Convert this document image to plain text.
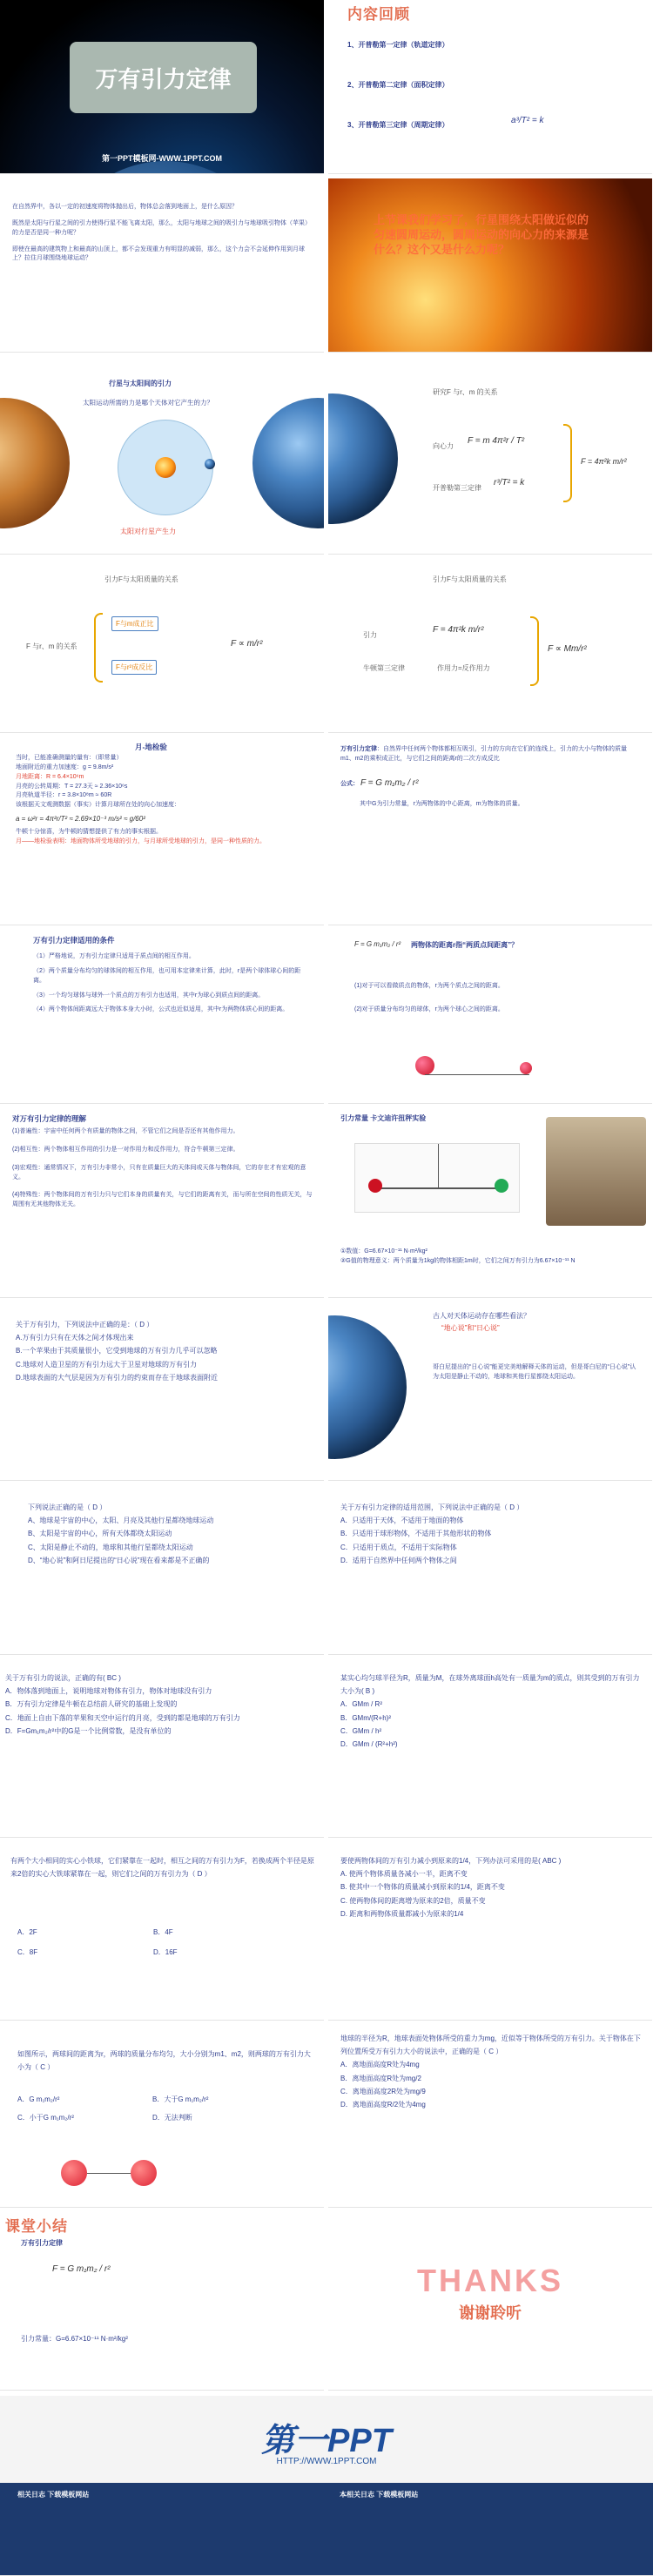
万有引力定律
第一PPT模板网-WWW.1PPT.COM
内容回顾
1、开普勒第一定律（轨道定律）
2、开普勒第二定律（面积定律）
3、开普勒第三定律（周期定律）	a³/T² = k

在自然界中，各以一定的初速度将物体抛出后，物体总会落到地面上，是什么原因？

既然是太阳与行星之间的引力使得行星不能飞离太阳，那么，太阳与地球之间的吸引力与地球吸引物体（苹果）的力是否是同一种力呢？

即使在最高的建筑物上和最高的山顶上，都不会发现重力有明显的减弱，那么，这个力会不会延伸作用到月球上？拉住月球围绕地球运动？

上节课我们学习了，行星围绕太阳做近似的匀速圆周运动，圆周运动的向心力的来源是什么？这个又是什么力呢？
行星与太阳间的引力
太阳运动所需的力是哪个天体对它产生的力？
太阳对行星产生力
研究F 与r、m 的关系
向心力
F = m 4π²r / T²
开普勒第三定律
r³/T² = k
F = 4π²k m/r²
引力F与太阳质量的关系
F 与r、m 的关系
F与m成正比
F与r²成反比
F ∝ m/r²
引力F与太阳质量的关系
引力
F = 4π²k m/r²
牛顿第三定律	作用力=反作用力
F ∝ Mm/r²
月-地检验

当时，已能准确测量的量有：（即常量）

地面附近的重力加速度：g = 9.8m/s²

月地距离：R = 6.4×10⁶m

月亮的公转周期：T = 27.3天 ≈ 2.36×10⁶s

月亮轨道半径：r = 3.8×10⁸m ≈ 60R

该根据天文观测数据（事实）计算月球所在处的向心加速度：

a = ω²r = 4π²r/T² ≈ 2.69×10⁻³ m/s² ≈ g/60²

牛顿十分惊喜，为牛顿的猜想提供了有力的事实根据。

月——地检验表明：地面物体所受地球的引力，与月球所受地球的引力，是同一种性质的力。

万有引力定律：自然界中任何两个物体都相互吸引，引力的方向在它们的连线上，引力的大小与物体的质量m1、m2的乘积成正比，与它们之间的距离r的二次方成反比

公式： F = G m₁m₂ / r²

其中G为引力常量，r为两物体的中心距离，m为物体的质量。

万有引力定律适用的条件

（1）严格地说，万有引力定律只适用于质点间的相互作用。

（2）两个质量分布均匀的球体间的相互作用，也可用本定律来计算，此时，r是两个球体球心间的距离。

（3）一个均匀球体与球外一个质点的万有引力也适用，其中r为球心到质点间的距离。

（4）两个物体间距离远大于物体本身大小时，公式也近似适用，其中r为两物体质心间的距离。

F = G m₁m₂ / r² 两物体的距离r指“两质点间距离”？

(1)对于可以看做质点的物体，r为两个质点之间的距离。

(2)对于质量分布均匀的球体，r为两个球心之间的距离。

对万有引力定律的理解

(1)普遍性：宇宙中任何两个有质量的物体之间，不管它们之间是否还有其他作用力。

(2)相互性：两个物体相互作用的引力是一对作用力和反作用力，符合牛顿第三定律。

(3)宏观性：通常情况下，万有引力非常小，只有在质量巨大的天体间或天体与物体间，它的存在才有宏观的意义。

(4)特殊性：两个物体间的万有引力只与它们本身的质量有关，与它们的距离有关，而与所在空间的性质无关，与周围有无其他物体无关。

引力常量 卡文迪许扭秤实验

①数值：G=6.67×10⁻¹¹ N·m²/kg²

②G值的物理意义：两个质量为1kg的物体相距1m时，它们之间万有引力为6.67×10⁻¹¹ N

关于万有引力，下列说法中正确的是：（ D ）
A.万有引力只有在天体之间才体现出来
B.一个苹果由于其质量很小，它受到地球的万有引力几乎可以忽略
C.地球对人造卫星的万有引力远大于卫星对地球的万有引力
D.地球表面的大气层是因为万有引力的约束而存在于地球表面附近
古人对天体运动存在哪些看法？
“地心说”和“日心说”
哥白尼提出的“日心说”能更完美地解释天体的运动，但是哥白尼的“日心说”认为太阳是静止不动的，地球和其他行星都绕太阳运动。
下列说法正确的是（ D ）
A、地球是宇宙的中心，太阳、月亮及其他行星都绕地球运动
B、太阳是宇宙的中心，所有天体都绕太阳运动
C、太阳是静止不动的，地球和其他行星都绕太阳运动
D、“地心说”和阿日尼提出的“日心说”现在看来都是不正确的
关于万有引力定律的适用范围，下列说法中正确的是（ D ）
A．只适用于天体，不适用于地面的物体
B．只适用于球形物体，不适用于其他形状的物体
C．只适用于质点，不适用于实际物体
D．适用于自然界中任何两个物体之间
关于万有引力的说法，正确的有( BC )
A．物体落到地面上，说明地球对物体有引力，物体对地球没有引力
B．万有引力定律是牛顿在总结前人研究的基础上发现的
C．地面上自由下落的苹果和天空中运行的月亮，受到的都是地球的万有引力
D．F=Gm₁m₂/r²中的G是一个比例常数，是没有单位的
某实心均匀球半径为R，质量为M，在球外离球面h高处有一质量为m的质点，则其受到的万有引力大小为( B )
A．GMm / R²
B．GMm/(R+h)²
C．GMm / h²
D．GMm / (R²+h²)
有两个大小相同的实心小铁球，它们紧靠在一起时，相互之间的万有引力为F，若换成两个半径是原来2倍的实心大铁球紧靠在一起，则它们之间的万有引力为（ D ）
A．2F	B．4F
C．8F	D．16F
要使两物体间的万有引力减小到原来的1/4，下列办法可采用的是( ABC )
A. 使两个物体质量各减小一半，距离不变
B. 使其中一个物体的质量减小到原来的1/4，距离不变
C. 使两物体间的距离增为原来的2倍，质量不变
D. 距离和两物体质量都减小为原来的1/4
如图所示，两球间的距离为r，两球的质量分布均匀，大小分别为m1、m2，则两球的万有引力大小为（ C ）
A．G m₁m₂/r²	B．大于G m₁m₂/r²
C．小于G m₁m₂/r²	D．无法判断
地球的半径为R，地球表面处物体所受的重力为mg，近似等于物体所受的万有引力。关于物体在下列位置所受万有引力大小的说法中，正确的是（ C ）
A．离地面高度R处为4mg
B．离地面高度R处为mg/2
C．离地面高度2R处为mg/9
D．离地面高度R/2处为4mg
课堂小结
万有引力定律
F = G m₁m₂ / r²
引力常量：G=6.67×10⁻¹¹ N·m²/kg²
THANKS
谢谢聆听
第一PPT
HTTP://WWW.1PPT.COM
相关日志 下载模板网站	本相关日志 下载模板网站
